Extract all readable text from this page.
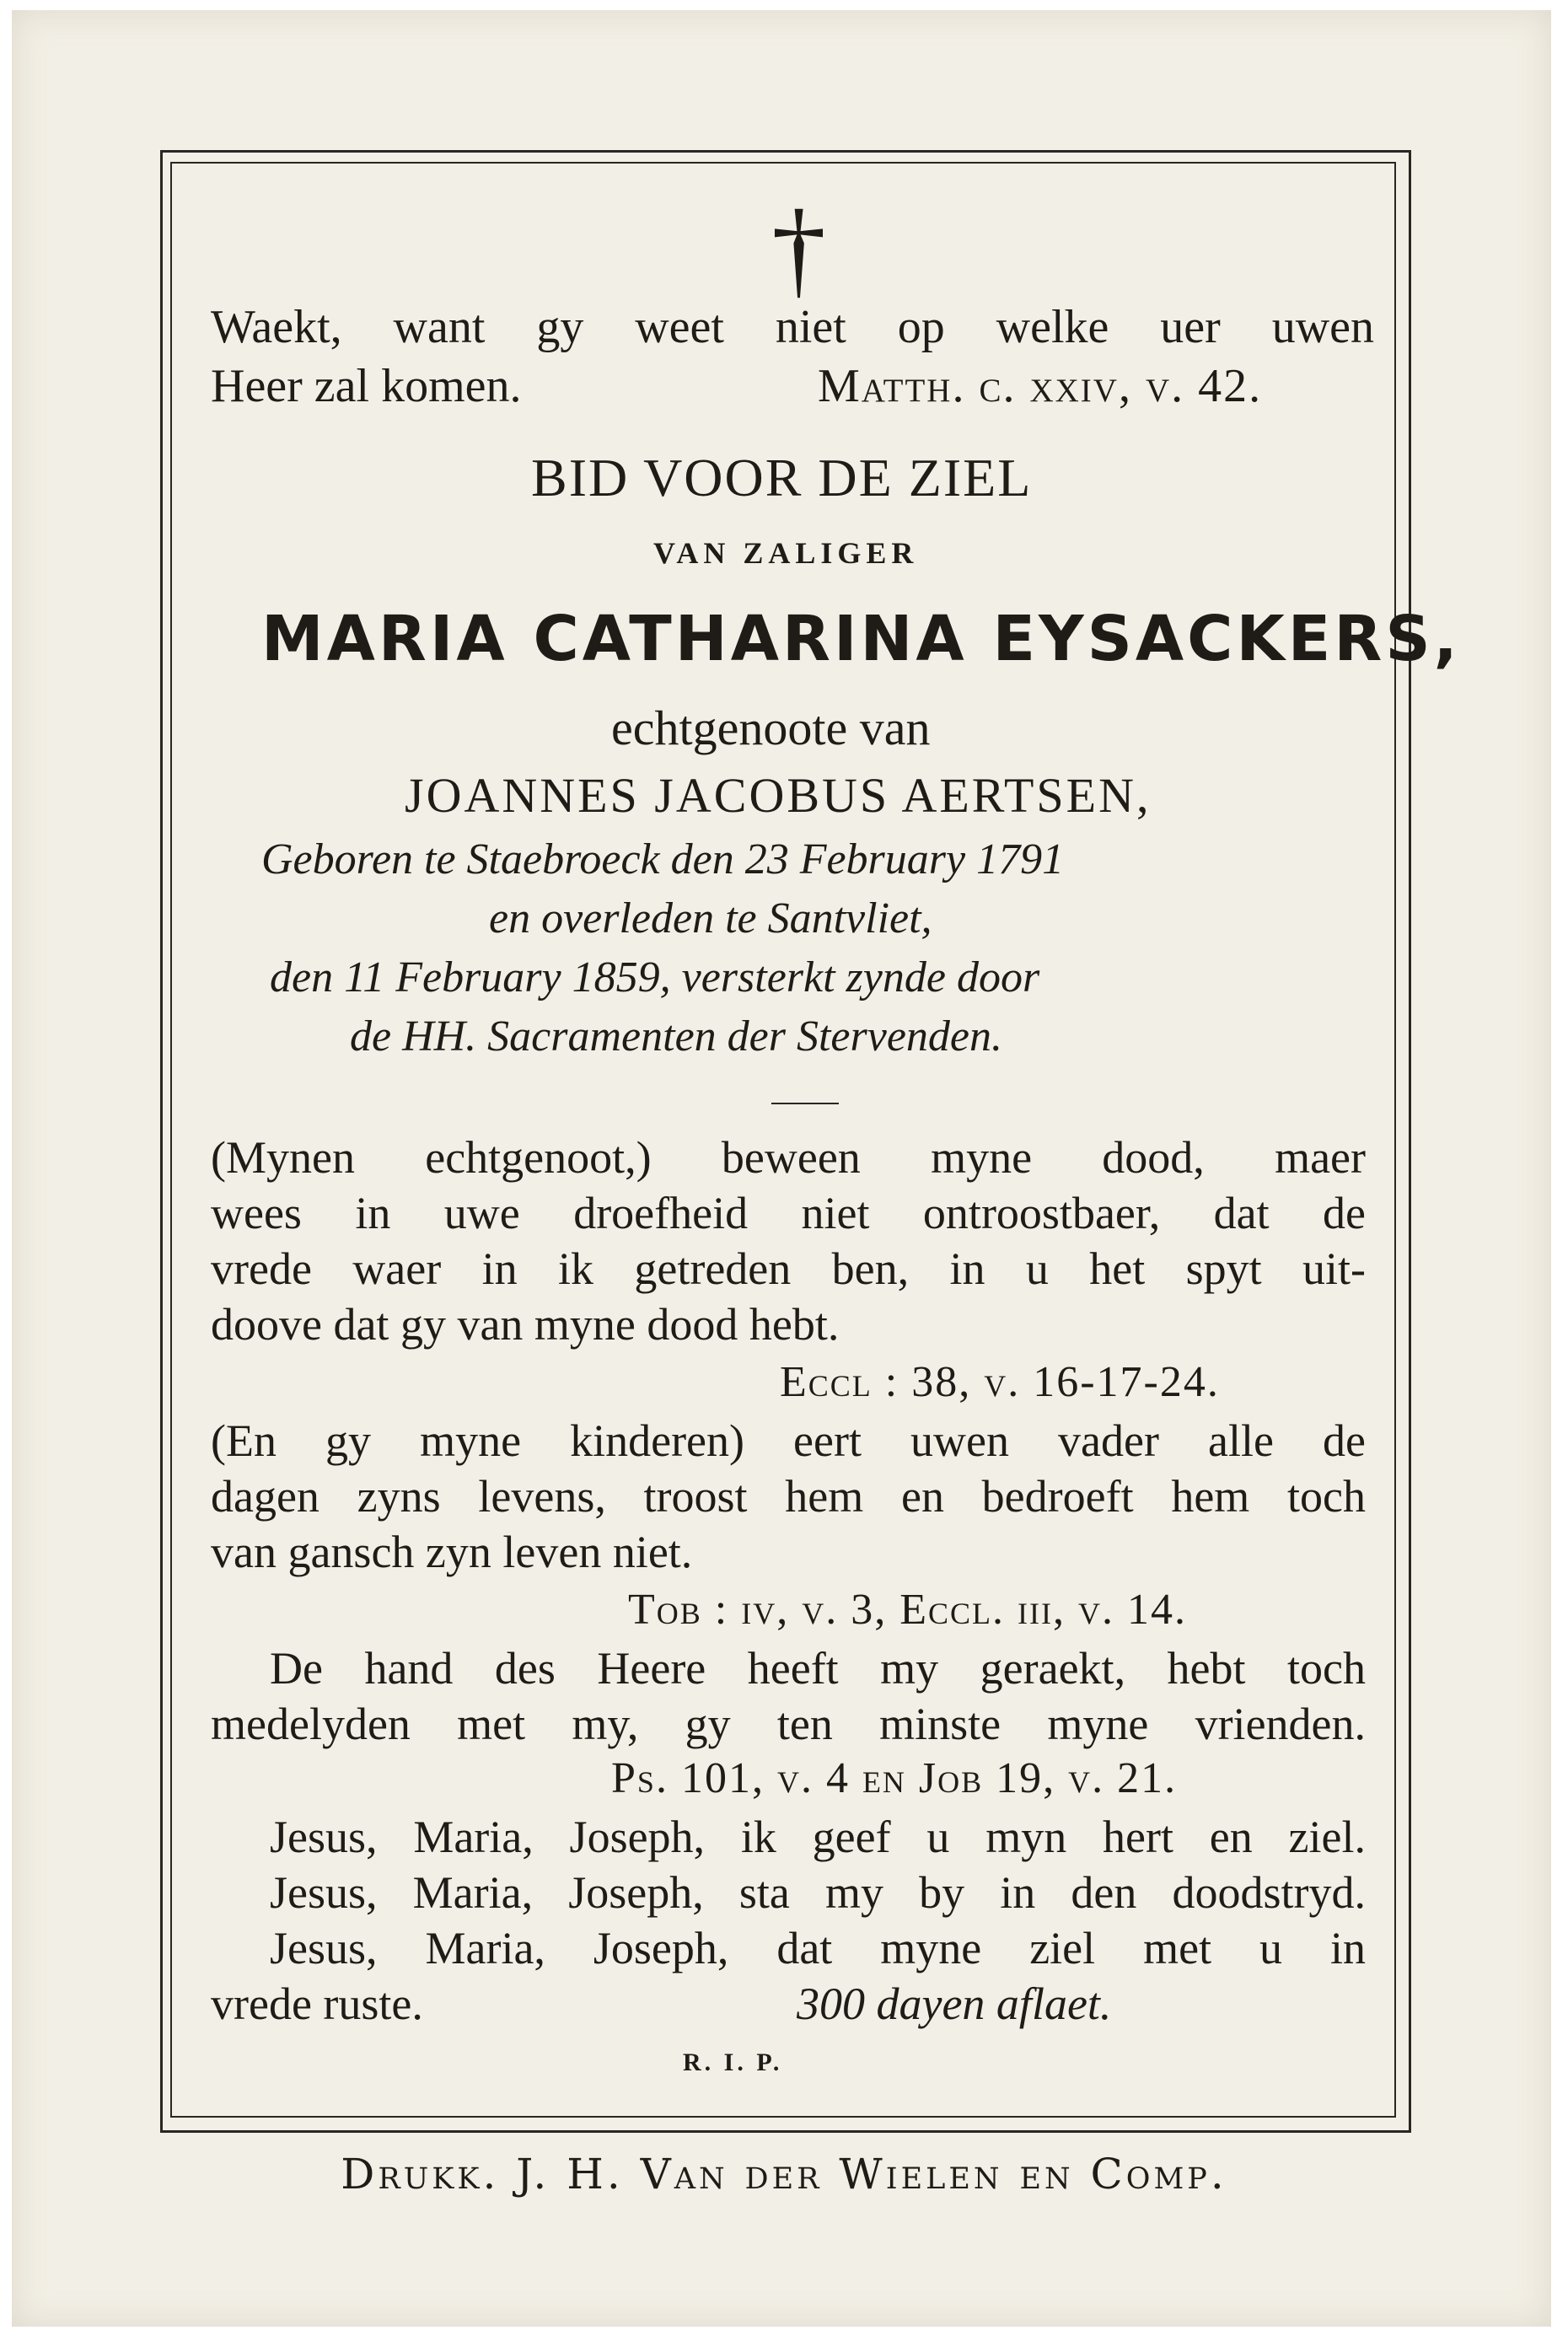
†
Waekt, want gy weet niet op welke uer uwen
Heer zal komen.	Matth. c. xxiv, v. 42.
BID VOOR DE ZIEL
VAN ZALIGER
MARIA CATHARINA EYSACKERS,
echtgenoote van
JOANNES JACOBUS AERTSEN,
Geboren te Staebroeck den 23 February 1791
en overleden te Santvliet,
den 11 February 1859, versterkt zynde door
de HH. Sacramenten der Stervenden.
(Mynen echtgenoot,) beween myne dood, maer
wees in uwe droefheid niet ontroostbaer, dat de
vrede waer in ik getreden ben, in u het spyt uit-
doove dat gy van myne dood hebt.
Eccl : 38, v. 16-17-24.
(En gy myne kinderen) eert uwen vader alle de
dagen zyns levens, troost hem en bedroeft hem toch
van gansch zyn leven niet.
Tob : iv, v. 3, Eccl. iii, v. 14.
De hand des Heere heeft my geraekt, hebt toch
medelyden met my, gy ten minste myne vrienden.
Ps. 101, v. 4 en Job 19, v. 21.
Jesus, Maria, Joseph, ik geef u myn hert en ziel.
Jesus, Maria, Joseph, sta my by in den doodstryd.
Jesus, Maria, Joseph, dat myne ziel met u in
vrede ruste.	300 dayen aflaet.
R. I. P.
Drukk. J. H. Van der Wielen en Comp.
